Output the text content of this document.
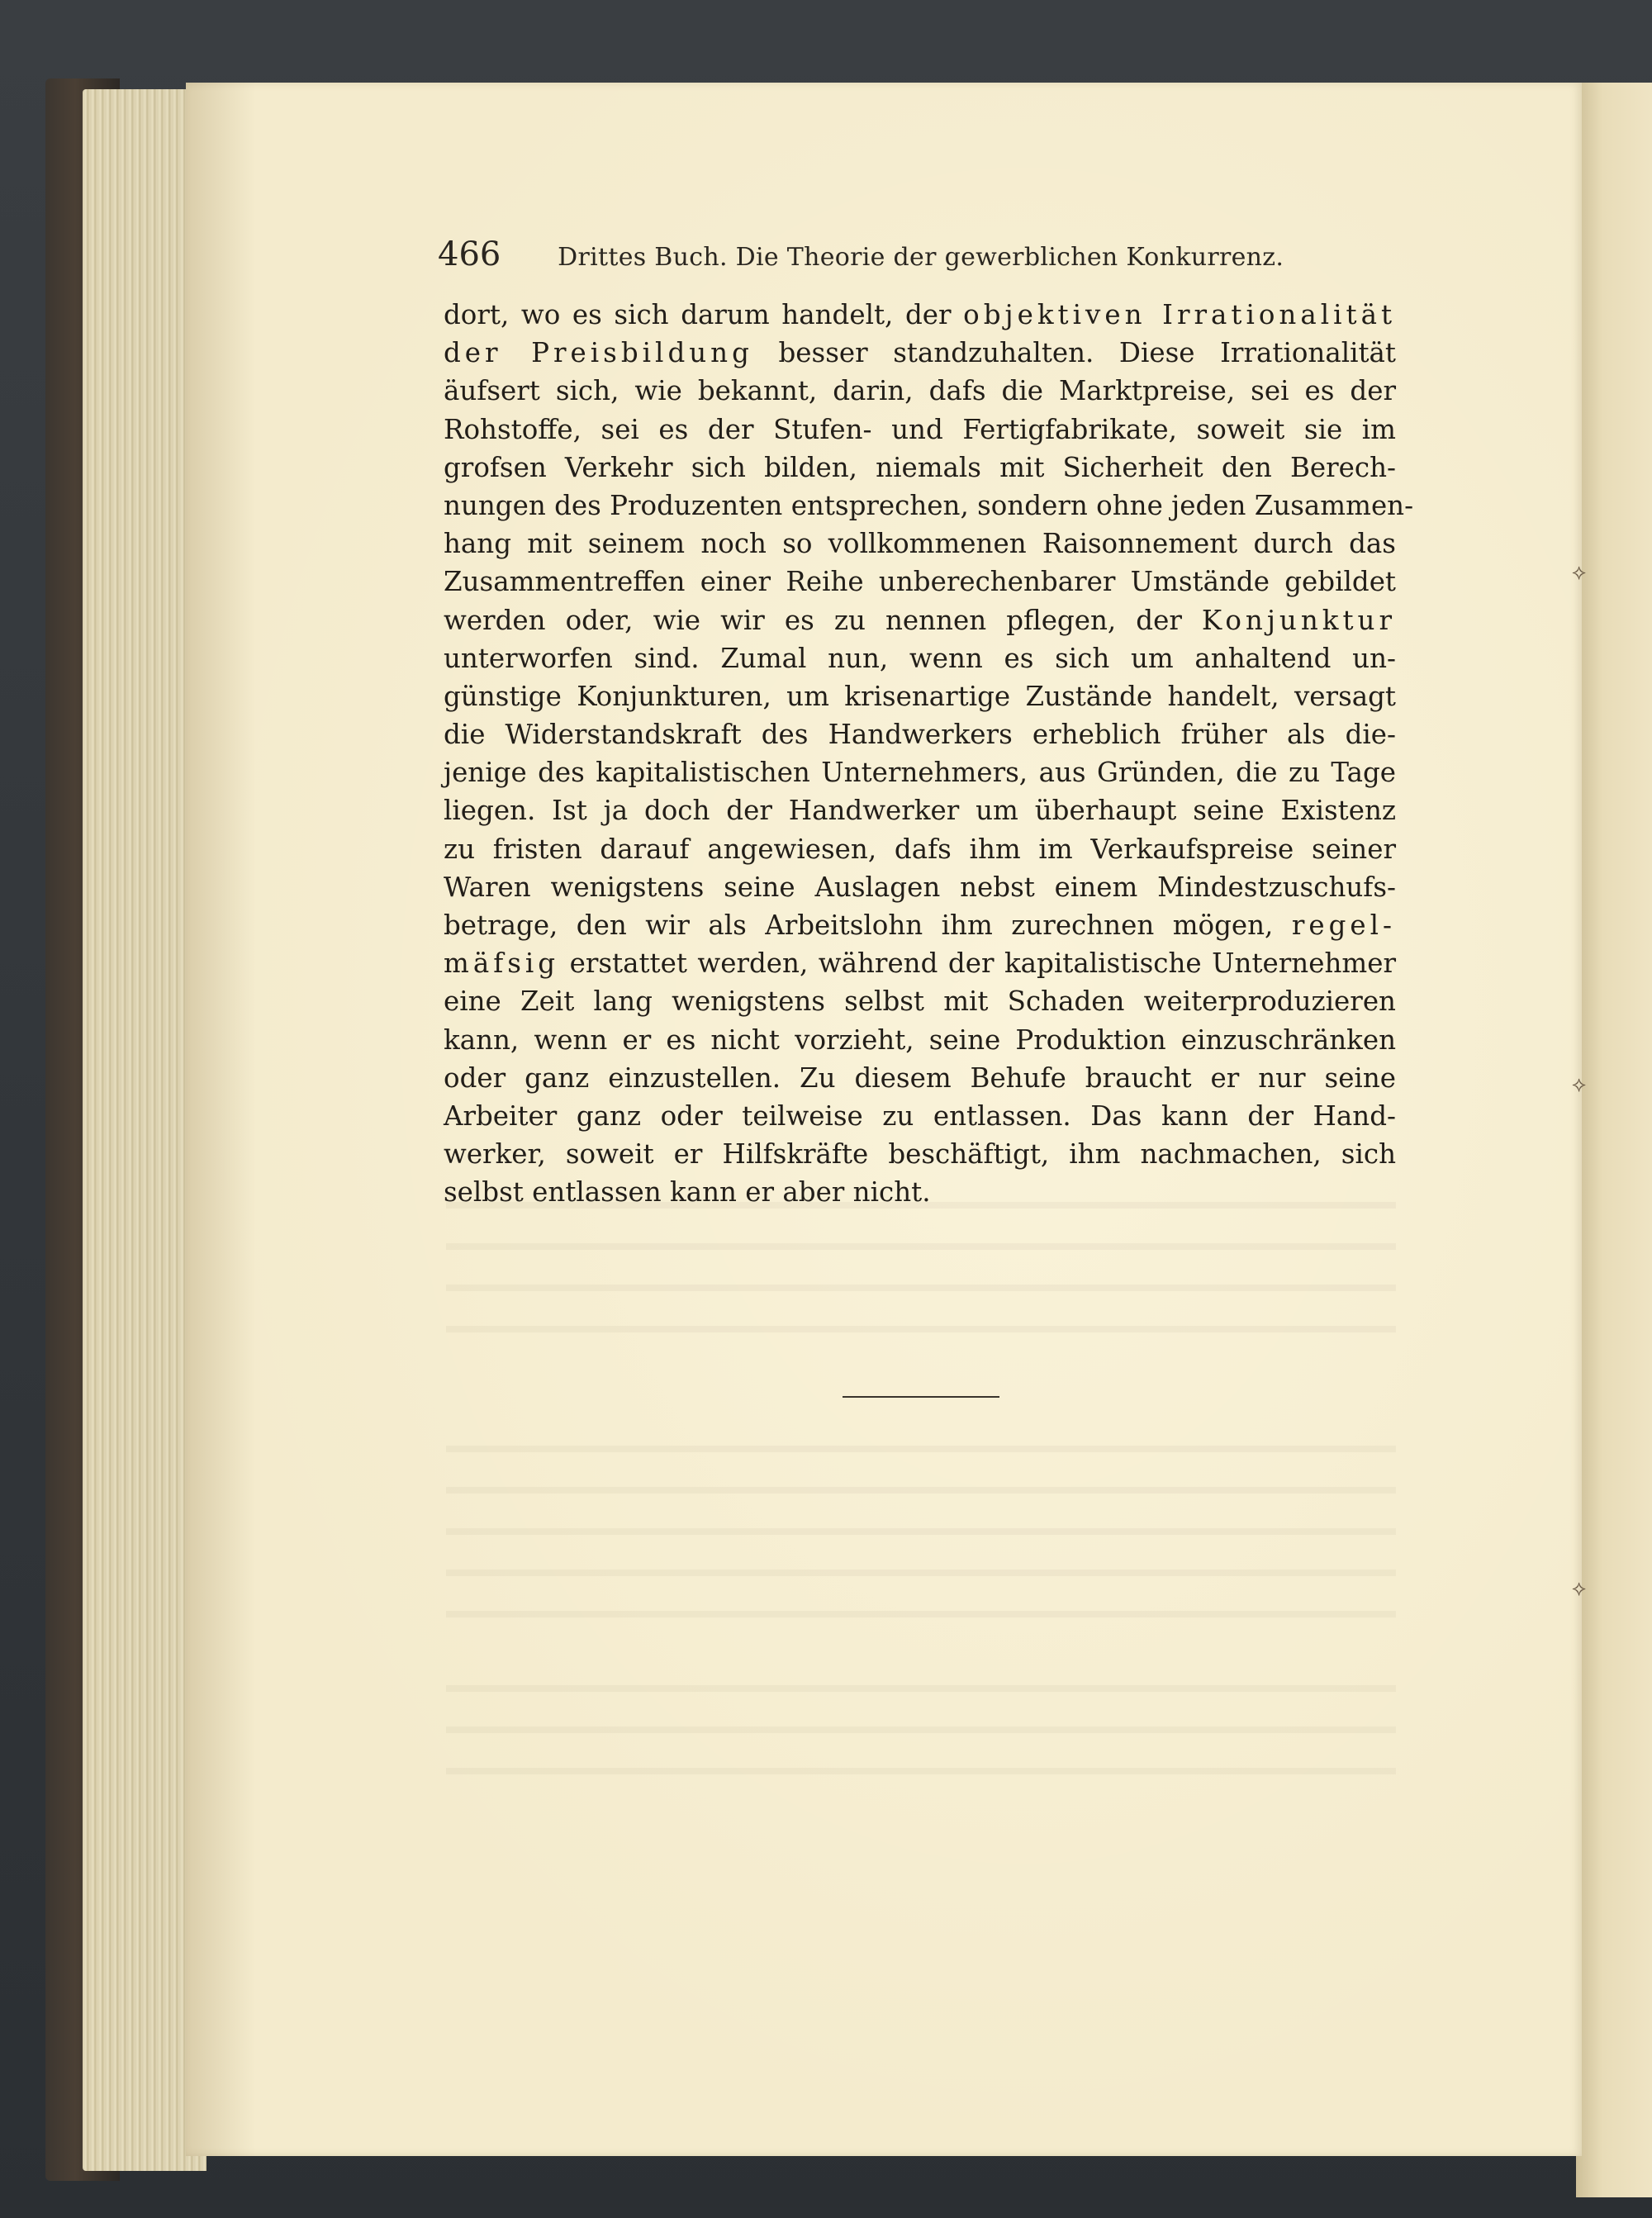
466 Drittes Buch. Die Theorie der gewerblichen Konkurrenz.
dort, wo es sich darum handelt, der objektiven Irrationalität
der Preisbildung besser standzuhalten. Diese Irrationalität
äufsert sich, wie bekannt, darin, dafs die Marktpreise, sei es der
Rohstoffe, sei es der Stufen- und Fertigfabrikate, soweit sie im
grofsen Verkehr sich bilden, niemals mit Sicherheit den Berech-
nungen des Produzenten entsprechen, sondern ohne jeden Zusammen-
hang mit seinem noch so vollkommenen Raisonnement durch das
Zusammentreffen einer Reihe unberechenbarer Umstände gebildet
werden oder, wie wir es zu nennen pflegen, der Konjunktur
unterworfen sind. Zumal nun, wenn es sich um anhaltend un-
günstige Konjunkturen, um krisenartige Zustände handelt, versagt
die Widerstandskraft des Handwerkers erheblich früher als die-
jenige des kapitalistischen Unternehmers, aus Gründen, die zu Tage
liegen. Ist ja doch der Handwerker um überhaupt seine Existenz
zu fristen darauf angewiesen, dafs ihm im Verkaufspreise seiner
Waren wenigstens seine Auslagen nebst einem Mindestzuschufs-
betrage, den wir als Arbeitslohn ihm zurechnen mögen, regel-
mäfsig erstattet werden, während der kapitalistische Unternehmer
eine Zeit lang wenigstens selbst mit Schaden weiterproduzieren
kann, wenn er es nicht vorzieht, seine Produktion einzuschränken
oder ganz einzustellen. Zu diesem Behufe braucht er nur seine
Arbeiter ganz oder teilweise zu entlassen. Das kann der Hand-
werker, soweit er Hilfskräfte beschäftigt, ihm nachmachen, sich
selbst entlassen kann er aber nicht.
⟡
⟡
⟡
